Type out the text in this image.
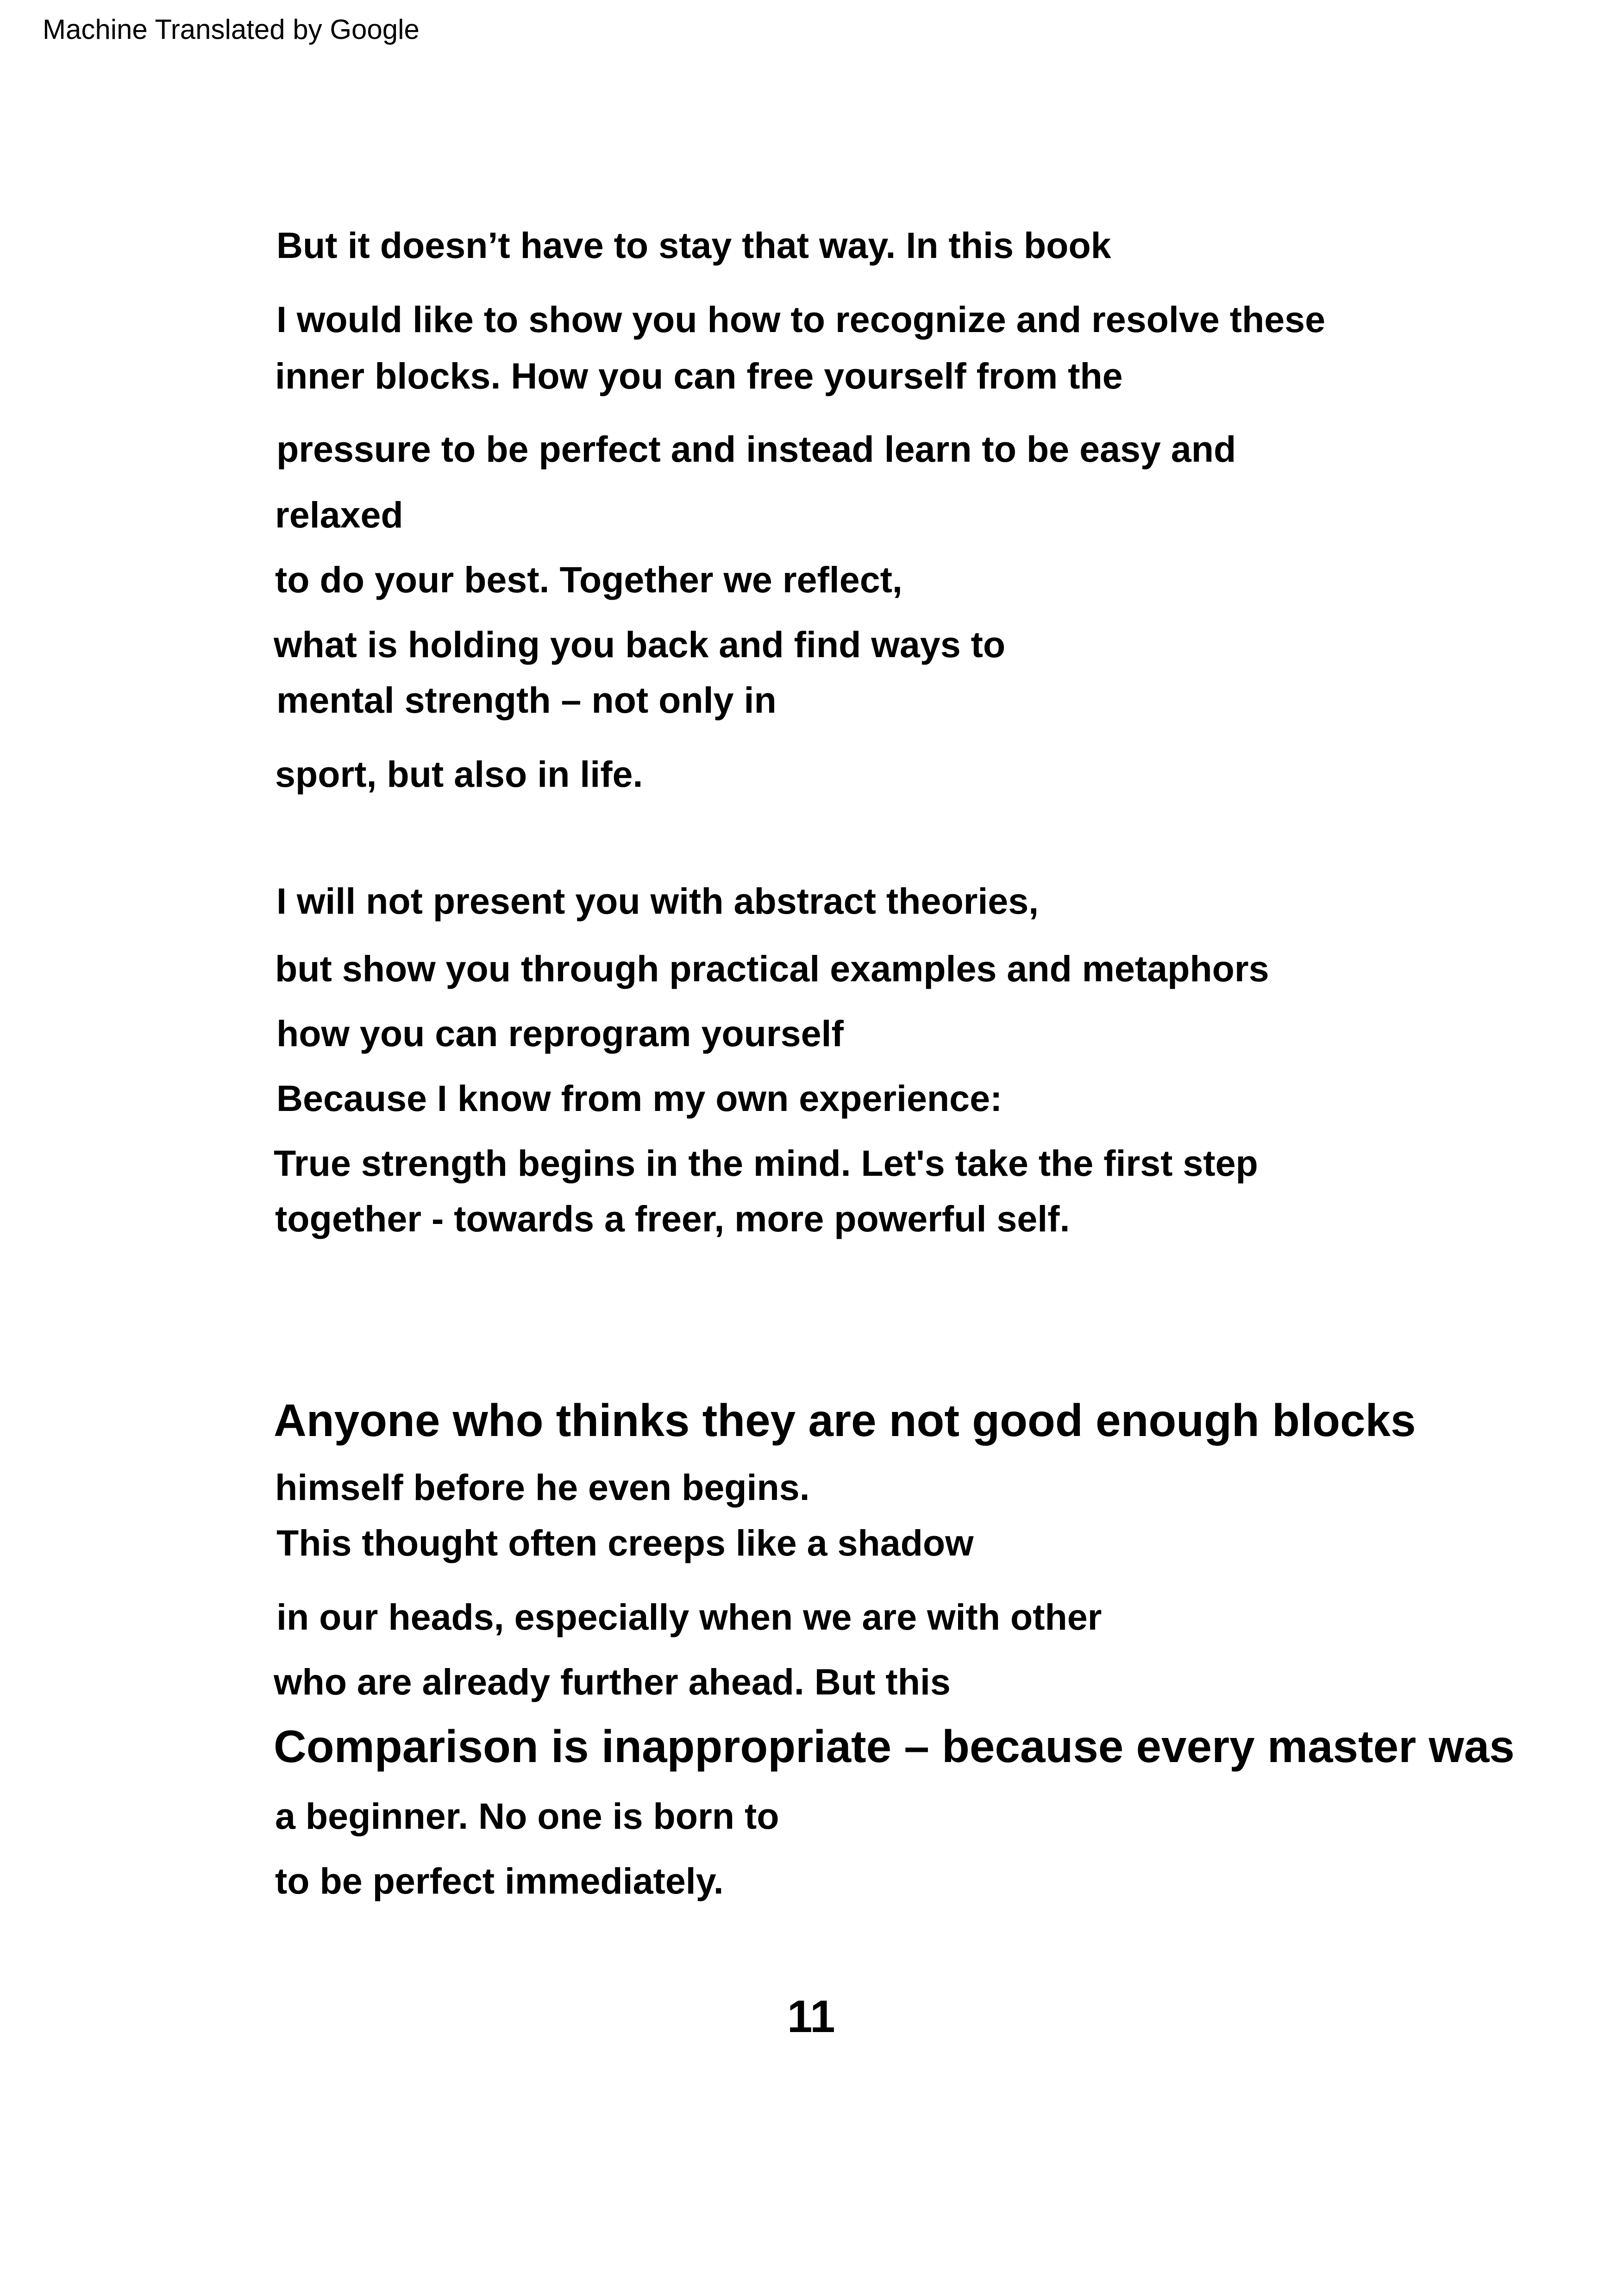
Machine Translated by Google
But it doesn’t have to stay that way. In this book
I would like to show you how to recognize and resolve these
inner blocks. How you can free yourself from the
pressure to be perfect and instead learn to be easy and
relaxed
to do your best. Together we reflect,
what is holding you back and find ways to
mental strength – not only in
sport, but also in life.
I will not present you with abstract theories,
but show you through practical examples and metaphors
how you can reprogram yourself
Because I know from my own experience:
True strength begins in the mind. Let's take the first step
together - towards a freer, more powerful self.
Anyone who thinks they are not good enough blocks
himself before he even begins.
This thought often creeps like a shadow
in our heads, especially when we are with other
who are already further ahead. But this
Comparison is inappropriate – because every master was
a beginner. No one is born to
to be perfect immediately.
11
